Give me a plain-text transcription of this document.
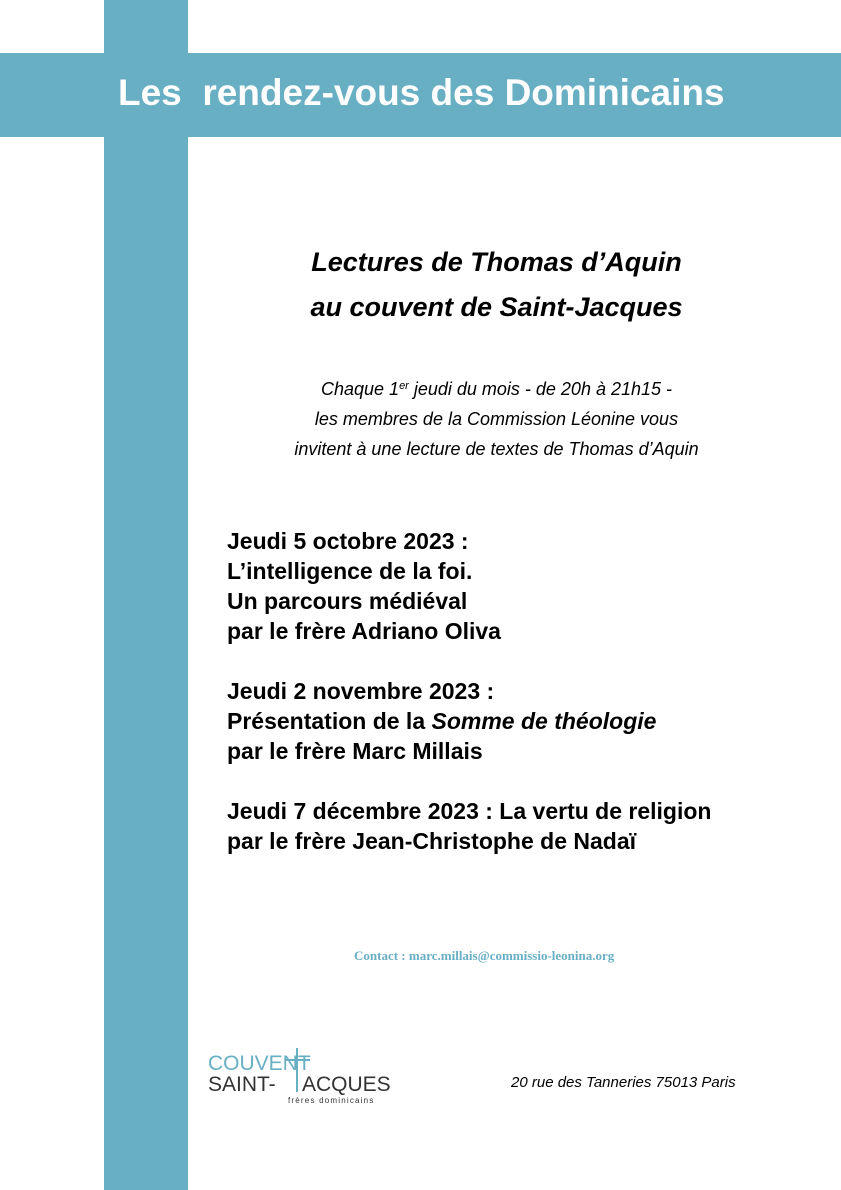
Les  rendez-vous des Dominicains
Lectures de Thomas d’Aquin
au couvent de Saint-Jacques
Chaque 1er jeudi du mois - de 20h à 21h15 -
les membres de la Commission Léonine vous
invitent à une lecture de textes de Thomas d’Aquin
Jeudi 5 octobre 2023 :
L’intelligence de la foi.
Un parcours médiéval
par le frère Adriano Oliva
Jeudi 2 novembre 2023 :
Présentation de la Somme de théologie
par le frère Marc Millais
Jeudi 7 décembre 2023 : La vertu de religion
par le frère Jean-Christophe de Nadaï
Contact : marc.millais@commissio-leonina.org
COUVENT
SAINT- ACQUES
frères dominicains
20 rue des Tanneries 75013 Paris
